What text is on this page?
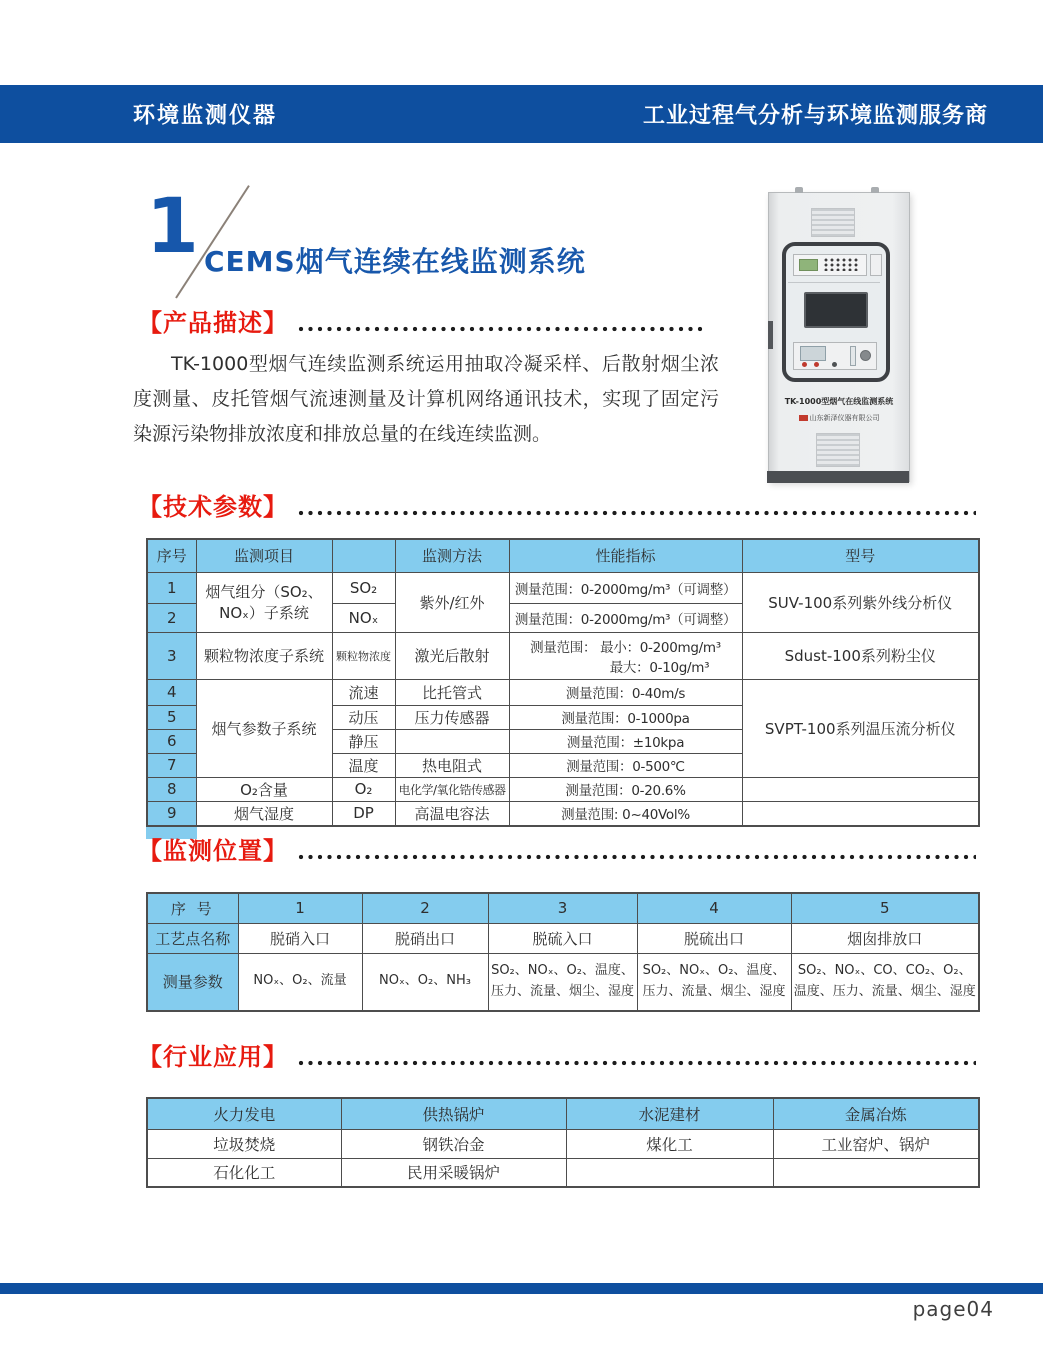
环境监测仪器	工业过程气分析与环境监测服务商
1 CEMS烟气连续在线监测系统
【产品描述】

TK-1000型烟气连续监测系统运用抽取冷凝采样、后散射烟尘浓度测量、皮托管烟气流速测量及计算机网络通讯技术，实现了固定污染源污染物排放浓度和排放总量的在线连续监测。

TK-1000型烟气在线监测系统
山东新泽仪器有限公司
【技术参数】
序号	监测项目		监测方法	性能指标	型号
1	烟气组分（SO₂、NOₓ）子系统	SO₂	紫外/红外	测量范围：0-2000mg/m³（可调整）	SUV-100系列紫外线分析仪
2		NOₓ		测量范围：0-2000mg/m³（可调整）	
3	颗粒物浓度子系统	颗粒物浓度	激光后散射	测量范围： 最小：0-200mg/m³
最大：0-10g/m³	Sdust-100系列粉尘仪
4	烟气参数子系统	流速	比托管式	测量范围：0-40m/s	SVPT-100系列温压流分析仪
5		动压	压力传感器	测量范围：0-1000pa	
6		静压		测量范围：±10kpa	
7		温度	热电阻式	测量范围：0-500℃	
8	O₂含量	O₂	电化学/氧化锆传感器	测量范围：0-20.6%	
9	烟气湿度	DP	高温电容法	测量范围: 0~40Vol%	
【监测位置】
序 号	1	2	3	4	5
工艺点名称	脱硝入口	脱硝出口	脱硫入口	脱硫出口	烟囱排放口
测量参数	NOₓ、O₂、流量	NOₓ、O₂、NH₃	SO₂、NOₓ、O₂、温度、压力、流量、烟尘、湿度	SO₂、NOₓ、O₂、温度、压力、流量、烟尘、湿度	SO₂、NOₓ、CO、CO₂、O₂、温度、压力、流量、烟尘、湿度
【行业应用】
火力发电	供热锅炉	水泥建材	金属冶炼
垃圾焚烧	钢铁冶金	煤化工	工业窑炉、锅炉
石化化工	民用采暖锅炉		
page04
